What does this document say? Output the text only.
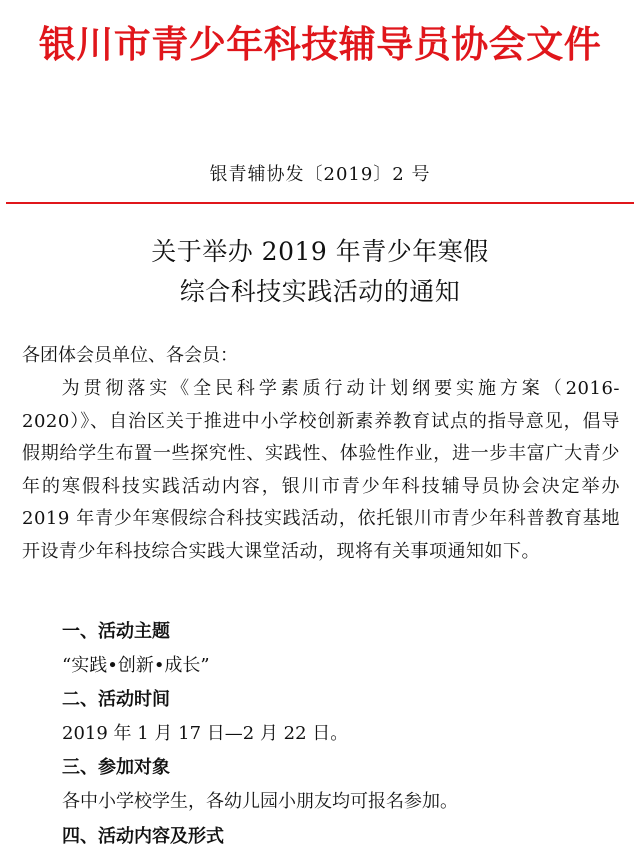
银川市青少年科技辅导员协会文件
银青辅协发〔2019〕2 号
关于举办 2019 年青少年寒假
综合科技实践活动的通知
各团体会员单位、各会员：
为贯彻落实《全民科学素质行动计划纲要实施方案（2016-2020）》、自治区关于推进中小学校创新素养教育试点的指导意见，倡导假期给学生布置一些探究性、实践性、体验性作业，进一步丰富广大青少年的寒假科技实践活动内容，银川市青少年科技辅导员协会决定举办 2019 年青少年寒假综合科技实践活动，依托银川市青少年科普教育基地开设青少年科技综合实践大课堂活动，现将有关事项通知如下。
一、活动主题
“实践•创新•成长”
二、活动时间
2019 年 1 月 17 日—2 月 22 日。
三、参加对象
各中小学校学生，各幼儿园小朋友均可报名参加。
四、活动内容及形式
